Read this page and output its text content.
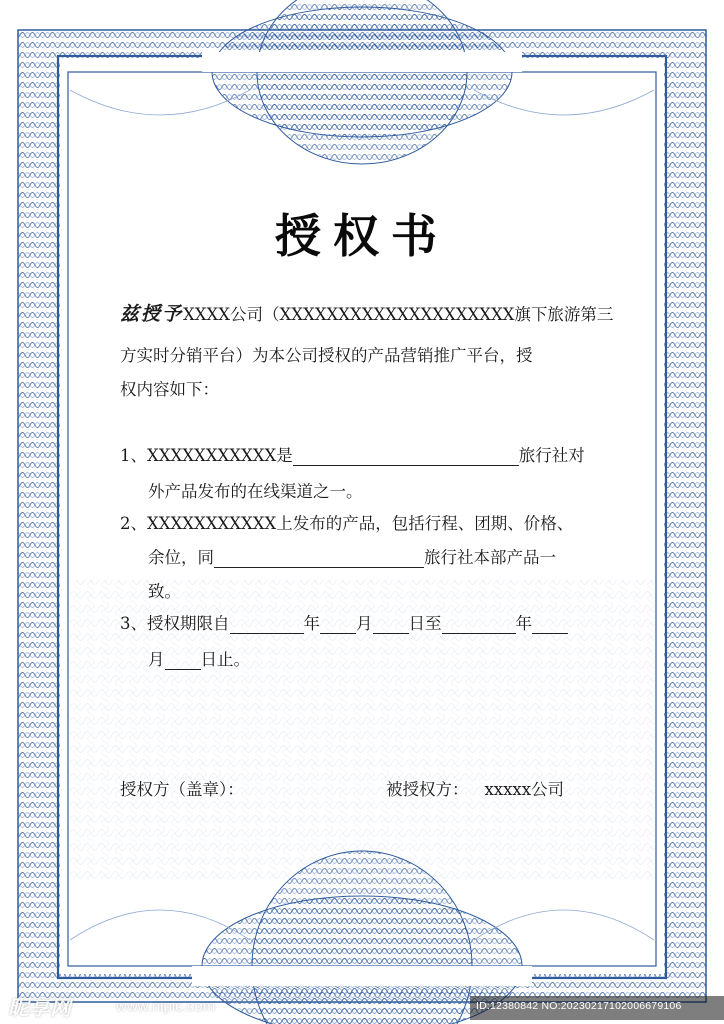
授权书
兹授予XXXX公司（XXXXXXXXXXXXXXXXXXXX旗下旅游第三
方实时分销平台）为本公司授权的产品营销推广平台，授
权内容如下：
1、XXXXXXXXXXX是	旅行社对
外产品发布的在线渠道之一。
2、XXXXXXXXXXX上发布的产品，包括行程、团期、价格、
余位，同	旅行社本部产品一
致。
3、授权期限自	年 月 日至	年
月 日止。
授权方（盖章）：	被授权方： xxxxx公司
昵享网	www.nipic.com	ID:12380842 NO:20230217102006679106
